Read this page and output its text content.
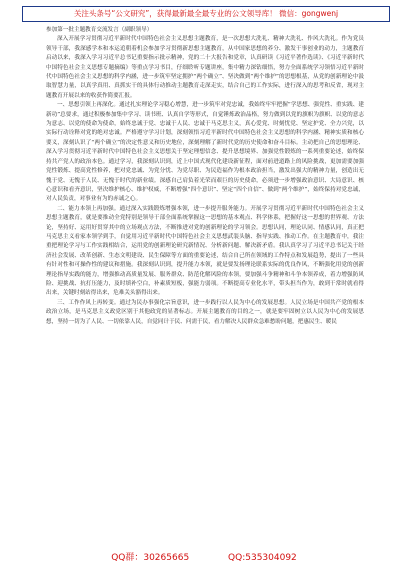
关注头条号“公文研究”，获得最新最全最专业的公文领导库！ 微信：gongwenj

参加第一批主题教育交流发言（副职领导）

深入开展学习贯彻习近平新时代中国特色社会主义思想主题教育，是一次思想大洗礼、精神大洗礼、作风大洗礼。作为党员领导干部，我深感学本和本运追朝着机会参加学习贯彻新思想主题教育，从中国家思想的养分、激发干事创业的动力，主题教育启动以来，我深入学习习近平总书记重要指示批示精神，党的二十大报告和党章，认真研读《习近平著作选读》、《习近平新时代中国特色社会主义思想专题摘编》等重点学习书目，仔细聆听专题讲座，集中精力深钻细悟，努力全面系统学习领悟习近平新时代中国特色社会主义思想的科学内涵，进一步筑牢坚定拥护“两个确立”、坚决做到“两个维护”的思想根基，从党的创新理论中汲取智慧力量，以真学真用、真抓实干的具体行动推动主题教育走深走实，结合自己的工作实际，进行深入的思考和反省，现对主题教育开展以来的收获作简要汇报。

一、思想引领上再深化。通过扎实理论学习稳心增慧，进一步筑牢对党忠诚，我始终牢牢把握“学思想、强党性、重实践、建新功”总要求，通过积极参加集中学习、读书班、认真自学等形式，自觉锤炼政治品格，努力做到以党的旗帜为旗帜、以党的意志为意志、以党的使命为使命，始终忠诚于党、忠诚于人民、忠诚于马克思主义，真心爱党、时刻忧党、坚定护党、全力兴党，以实际行动诠释对党的绝对忠诚。严格遵守学习计划，深刻领悟习近平新时代中国特色社会主义思想的科学内涵、精神实质和核心要义，深刻认识了“两个确立”的决定性意义和历史地位，深刻理解了新时代党的历史使命和奋斗目标。主动把自己的思想理论、深入学习贯彻习近平新时代中国特色社会主义思想关于坚定理想信念、提升思想境界、加强党性锻炼的一系列重要论述，始终保持共产党人的政治本色。通过学习，我深刻认识到，近上中国式现代化建设新征程，面对前进道路上的风险挑战，更加需要加强党性锻炼、提高党性修养，把对党忠诚、为党分忧、为党尽职、为民造福作为根本政治担当，激发出强大的精神力量，创造出无愧于党、无愧于人民、无愧于时代的新业绩。深感自己肩负着光荣而艰巨的历史使命，必须进一步增强政治意识、大局意识、核心意识和看齐意识，坚决维护核心、维护权威，不断增强“四个意识”、坚定“四个自信”、做到“两个维护”，始终保持对党忠诚，对人民负责，对事业有为的赤诚之心。

二、能力本领上再加强。通过深入实践锻炼增强本领，进一步提升服务能力。开展学习贯彻习近平新时代中国特色社会主义思想主题教育，就是要推动全党特别是领导干部全面系统掌握这一思想的基本观点、科学体系，把握好这一思想的世界观、方法论，坚持好、运用好贯穿其中的立场观点方法，不断推进对党的创新理论的学习领会。思想认同，理论认同、情感认同，真正把马克思主义看家本领学到手，自觉用习近平新时代中国特色社会主义思想武装头脑、指导实践、推动工作。在主题教育中，我注重把理论学习与工作实践相结合，运用党的创新理论研究新情况、分析新问题、解决新矛盾。我认真学习了习近平总书记关于经济社会发展、改革创新、生态文明建设、民生保障等方面的重要论述，结合自己所在领域的工作特点和发展趋势，提出了一些具有针对性和可操作性的建议和措施。我深刻认识到，提升能力本领，就是要发扬理论联系实际的优良作风，不断强化用党的创新理论指导实践的能力，增强推动高质量发展、服务群众、防范化解风险的本领，要加强斗争精神和斗争本领养成，着力增强防风险、迎挑战、抗打压能力，及时填补空白，补素质短板，强能力弱项。不断提高专业化水平，带头担当作为，敢到干常时就看得出来，关键时刻站得出来，危难关头豁得出来。

三、工作作风上再转变。通过为民办事强化宗旨意识，进一步践行以人民为中心的发展思想。人民立场是中国共产党的根本政治立场，是马克思主义政党区别于其他政党的显著标志。开展主题教育的目的之一，就是要牢固树立以人民为中心的发展思想，坚持一切为了人民、一切依靠人民，自觉同计于民、问需于民，看力解决人民群众急难愁盼问题，把惠民生、暖民

QQ群：30265665	QQ:535304092
